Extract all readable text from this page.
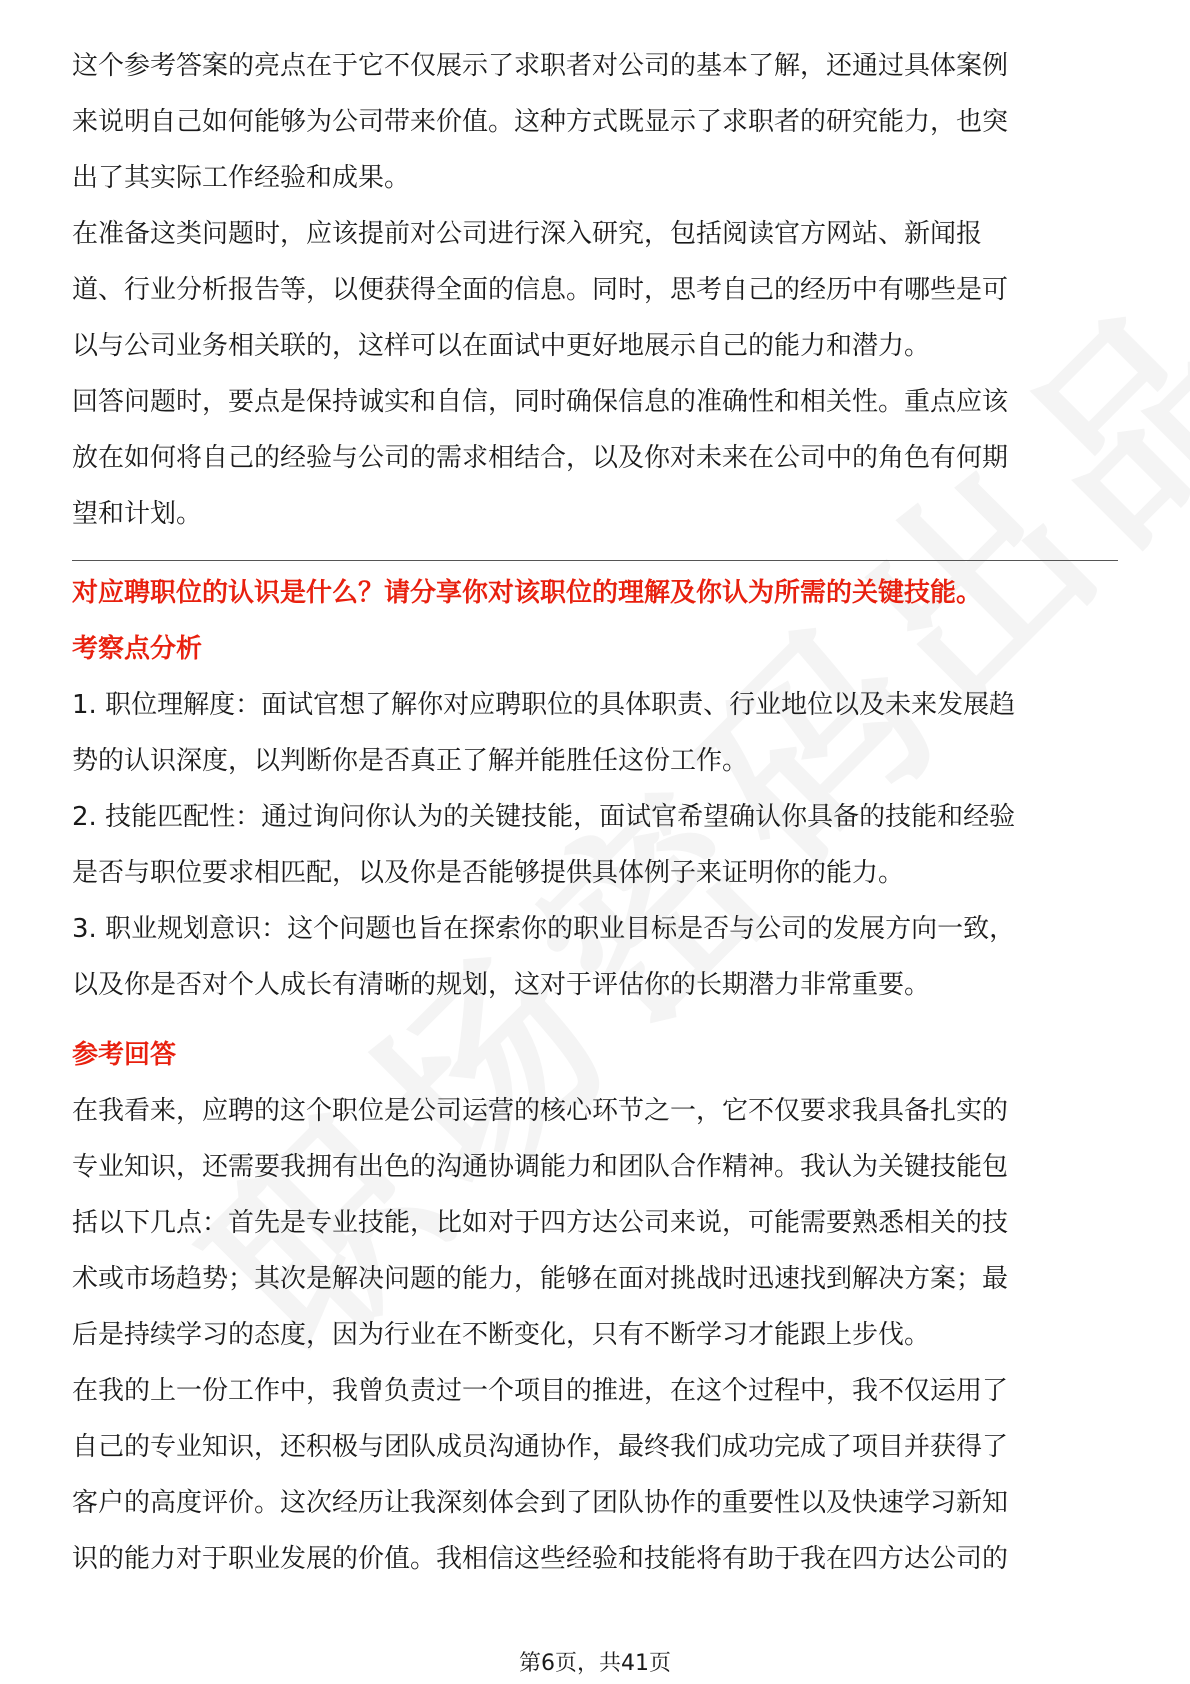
这个参考答案的亮点在于它不仅展示了求职者对公司的基本了解，还通过具体案例
来说明自己如何能够为公司带来价值。这种方式既显示了求职者的研究能力，也突
出了其实际工作经验和成果。

在准备这类问题时，应该提前对公司进行深入研究，包括阅读官方网站、新闻报
道、行业分析报告等，以便获得全面的信息。同时，思考自己的经历中有哪些是可
以与公司业务相关联的，这样可以在面试中更好地展示自己的能力和潜力。

回答问题时，要点是保持诚实和自信，同时确保信息的准确性和相关性。重点应该
放在如何将自己的经验与公司的需求相结合，以及你对未来在公司中的角色有何期
望和计划。

对应聘职位的认识是什么？请分享你对该职位的理解及你认为所需的关键技能。
考察点分析

1. 职位理解度：面试官想了解你对应聘职位的具体职责、行业地位以及未来发展趋
势的认识深度，以判断你是否真正了解并能胜任这份工作。

2. 技能匹配性：通过询问你认为的关键技能，面试官希望确认你具备的技能和经验
是否与职位要求相匹配，以及你是否能够提供具体例子来证明你的能力。

3. 职业规划意识：这个问题也旨在探索你的职业目标是否与公司的发展方向一致，
以及你是否对个人成长有清晰的规划，这对于评估你的长期潜力非常重要。

参考回答

在我看来，应聘的这个职位是公司运营的核心环节之一，它不仅要求我具备扎实的
专业知识，还需要我拥有出色的沟通协调能力和团队合作精神。我认为关键技能包
括以下几点：首先是专业技能，比如对于四方达公司来说，可能需要熟悉相关的技
术或市场趋势；其次是解决问题的能力，能够在面对挑战时迅速找到解决方案；最
后是持续学习的态度，因为行业在不断变化，只有不断学习才能跟上步伐。

在我的上一份工作中，我曾负责过一个项目的推进，在这个过程中，我不仅运用了
自己的专业知识，还积极与团队成员沟通协作，最终我们成功完成了项目并获得了
客户的高度评价。这次经历让我深刻体会到了团队协作的重要性以及快速学习新知
识的能力对于职业发展的价值。我相信这些经验和技能将有助于我在四方达公司的

第6页，共41页
